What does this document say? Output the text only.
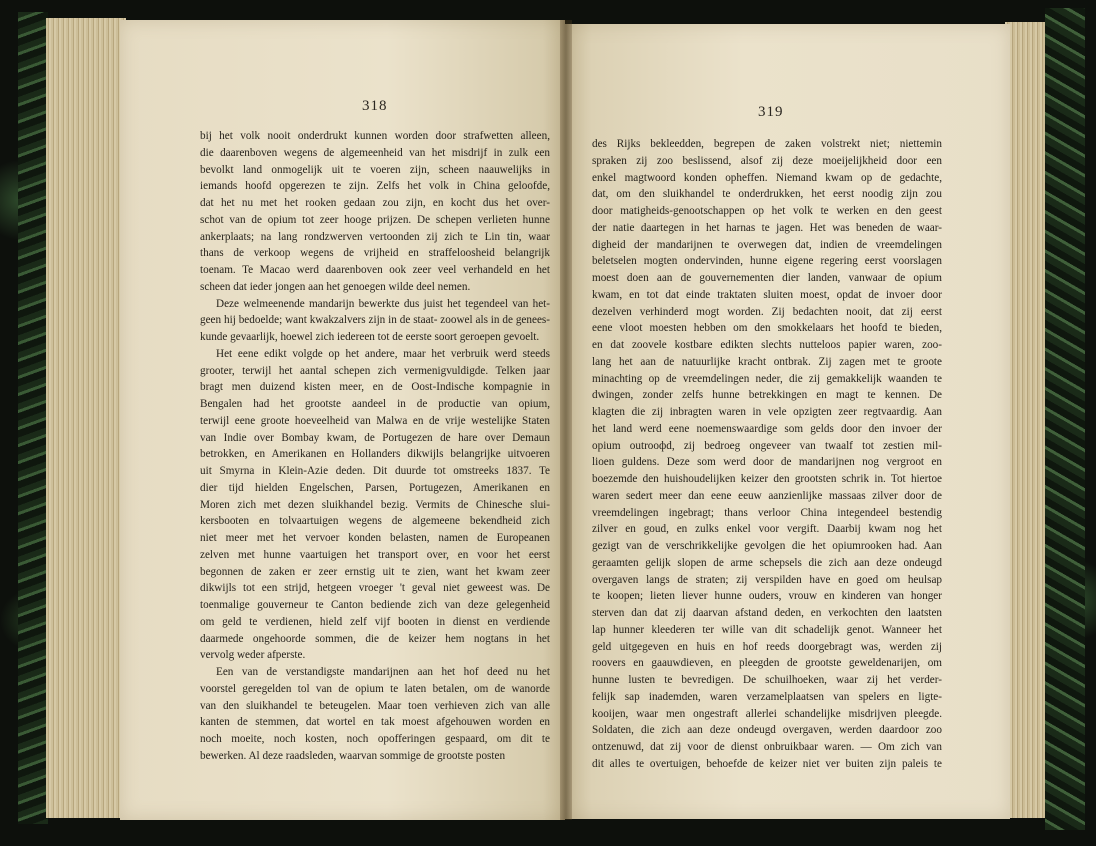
318	319
bij het volk nooit onderdrukt kunnen worden door strafwetten alleen,
die daarenboven wegens de algemeenheid van het misdrijf in zulk een
bevolkt land onmogelijk uit te voeren zijn, scheen naauwelijks in
iemands hoofd opgerezen te zijn. Zelfs het volk in China geloofde,
dat het nu met het rooken gedaan zou zijn, en kocht dus het over-
schot van de opium tot zeer hooge prijzen. De schepen verlieten hunne
ankerplaats; na lang rondzwerven vertoonden zij zich te Lin tin, waar
thans de verkoop wegens de vrijheid en straffeloosheid belangrijk
toenam. Te Macao werd daarenboven ook zeer veel verhandeld en het
scheen dat ieder jongen aan het genoegen wilde deel nemen.
Deze welmeenende mandarijn bewerkte dus juist het tegendeel van het-
geen hij bedoelde; want kwakzalvers zijn in de staat- zoowel als in de genees-
kunde gevaarlijk, hoewel zich iedereen tot de eerste soort geroepen gevoelt.
Het eene edikt volgde op het andere, maar het verbruik werd steeds
grooter, terwijl het aantal schepen zich vermenigvuldigde. Telken jaar
bragt men duizend kisten meer, en de Oost-Indische kompagnie in
Bengalen had het grootste aandeel in de productie van opium,
terwijl eene groote hoeveelheid van Malwa en de vrije westelijke Staten
van Indie over Bombay kwam, de Portugezen de hare over Demaun
betrokken, en Amerikanen en Hollanders dikwijls belangrijke uitvoeren
uit Smyrna in Klein-Azie deden. Dit duurde tot omstreeks 1837. Te
dier tijd hielden Engelschen, Parsen, Portugezen, Amerikanen en
Moren zich met dezen sluikhandel bezig. Vermits de Chinesche slui-
kersbooten en tolvaartuigen wegens de algemeene bekendheid zich
niet meer met het vervoer konden belasten, namen de Europeanen
zelven met hunne vaartuigen het transport over, en voor het eerst
begonnen de zaken er zeer ernstig uit te zien, want het kwam zeer
dikwijls tot een strijd, hetgeen vroeger 't geval niet geweest was. De
toenmalige gouverneur te Canton bediende zich van deze gelegenheid
om geld te verdienen, hield zelf vijf booten in dienst en verdiende
daarmede ongehoorde sommen, die de keizer hem nogtans in het
vervolg weder afperste.
Een van de verstandigste mandarijnen aan het hof deed nu het
voorstel geregelden tol van de opium te laten betalen, om de wanorde
van den sluikhandel te beteugelen. Maar toen verhieven zich van alle
kanten de stemmen, dat wortel en tak moest afgehouwen worden en
noch moeite, noch kosten, noch opofferingen gespaard, om dit te
bewerken. Al deze raadsleden, waarvan sommige de grootste posten
des Rijks bekleedden, begrepen de zaken volstrekt niet; niettemin
spraken zij zoo beslissend, alsof zij deze moeijelijkheid door een
enkel magtwoord konden opheffen. Niemand kwam op de gedachte,
dat, om den sluikhandel te onderdrukken, het eerst noodig zijn zou
door matigheids-genootschappen op het volk te werken en den geest
der natie daartegen in het harnas te jagen. Het was beneden de waar-
digheid der mandarijnen te overwegen dat, indien de vreemdelingen
beletselen mogten ondervinden, hunne eigene regering eerst voorslagen
moest doen aan de gouvernementen dier landen, vanwaar de opium
kwam, en tot dat einde traktaten sluiten moest, opdat de invoer door
dezelven verhinderd mogt worden. Zij bedachten nooit, dat zij eerst
eene vloot moesten hebben om den smokkelaars het hoofd te bieden,
en dat zoovele kostbare edikten slechts nutteloos papier waren, zoo-
lang het aan de natuurlijke kracht ontbrak. Zij zagen met te groote
minachting op de vreemdelingen neder, die zij gemakkelijk waanden te
dwingen, zonder zelfs hunne betrekkingen en magt te kennen. De
klagten die zij inbragten waren in vele opzigten zeer regtvaardig. Aan
het land werd eene noemenswaardige som gelds door den invoer der
opium outrooфd, zij bedroeg ongeveer van twaalf tot zestien mil-
lioen guldens. Deze som werd door de mandarijnen nog vergroot en
boezemde den huishoudelijken keizer den grootsten schrik in. Tot hiertoe
waren sedert meer dan eene eeuw aanzienlijke massaas zilver door de
vreemdelingen ingebragt; thans verloor China integendeel bestendig
zilver en goud, en zulks enkel voor vergift. Daarbij kwam nog het
gezigt van de verschrikkelijke gevolgen die het opiumrooken had. Aan
geraamten gelijk slopen de arme schepsels die zich aan deze ondeugd
overgaven langs de straten; zij verspilden have en goed om heulsap
te koopen; lieten liever hunne ouders, vrouw en kinderen van honger
sterven dan dat zij daarvan afstand deden, en verkochten den laatsten
lap hunner kleederen ter wille van dit schadelijk genot. Wanneer het
geld uitgegeven en huis en hof reeds doorgebragt was, werden zij
roovers en gaauwdieven, en pleegden de grootste geweldenarijen, om
hunne lusten te bevredigen. De schuilhoeken, waar zij het verder-
felijk sap inademden, waren verzamelplaatsen van spelers en ligte-
kooijen, waar men ongestraft allerlei schandelijke misdrijven pleegde.
Soldaten, die zich aan deze ondeugd overgaven, werden daardoor zoo
ontzenuwd, dat zij voor de dienst onbruikbaar waren. — Om zich van
dit alles te overtuigen, behoefde de keizer niet ver buiten zijn paleis te
